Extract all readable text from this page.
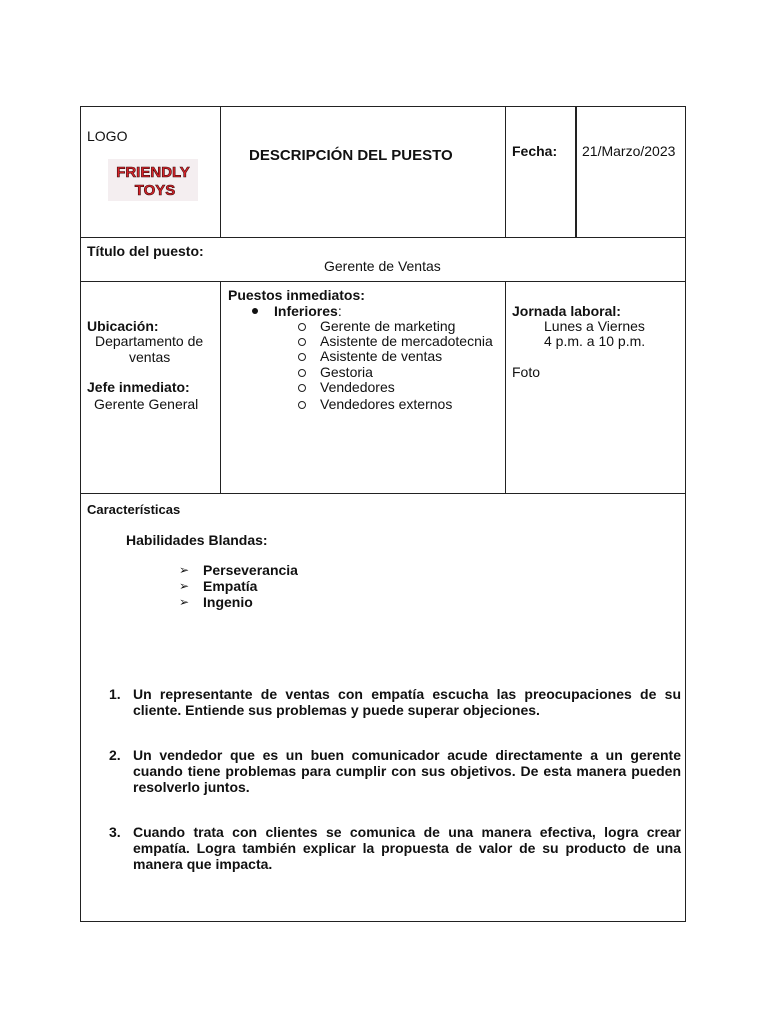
LOGO
FRIENDLY
TOYS
DESCRIPCIÓN DEL PUESTO	Fecha: 21/Marzo/2023
Título del puesto:
Gerente de Ventas
Ubicación:
Departamento de
ventas
Jefe inmediato:
Gerente General
Puestos inmediatos:
Inferiores:
Gerente de marketing
Asistente de mercadotecnia
Asistente de ventas
Gestoria
Vendedores
Vendedores externos
Jornada laboral:
Lunes a Viernes
4 p.m. a 10 p.m.
Foto
Características
Habilidades Blandas:
➢ Perseverancia
➢ Empatía
➢ Ingenio
1. Un representante de ventas con empatía escucha las preocupaciones de su cliente. Entiende sus problemas y puede superar objeciones.
2. Un vendedor que es un buen comunicador acude directamente a un gerente cuando tiene problemas para cumplir con sus objetivos. De esta manera pueden resolverlo juntos.
3. Cuando trata con clientes se comunica de una manera efectiva, logra crear empatía. Logra también explicar la propuesta de valor de su producto de una manera que impacta.
